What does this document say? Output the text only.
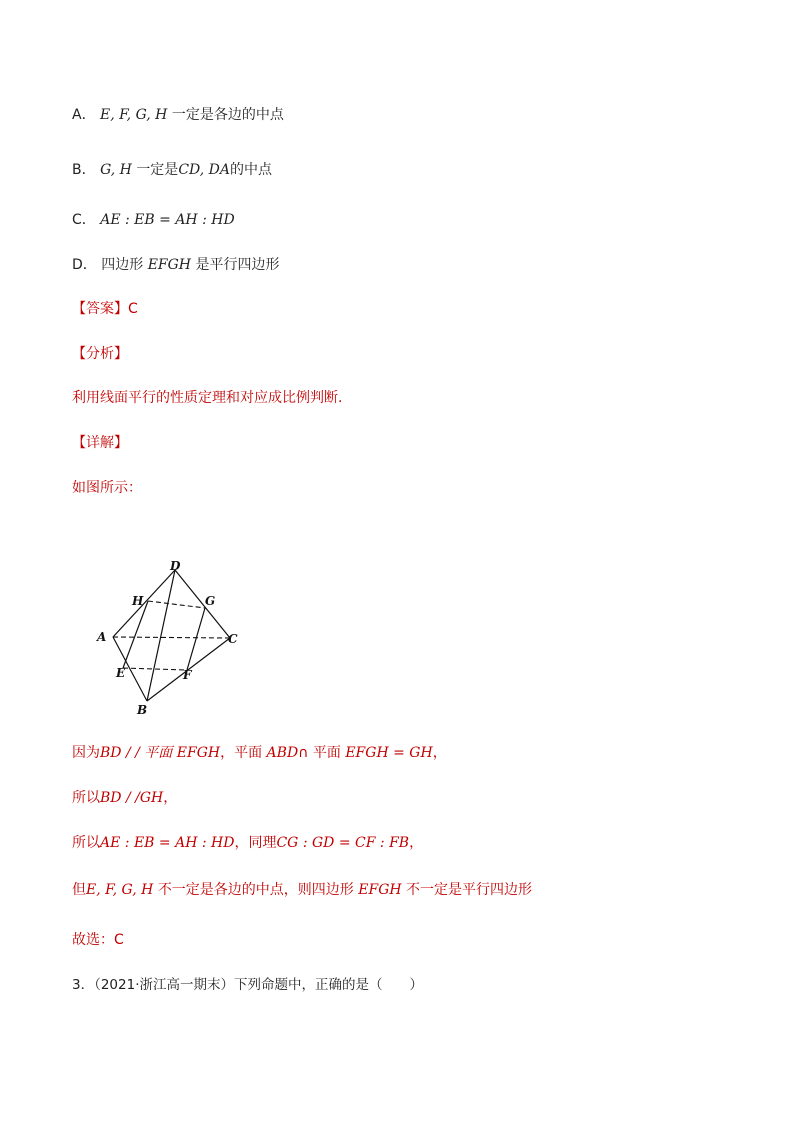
A． E, F, G, H 一定是各边的中点
B． G, H 一定是CD, DA的中点
C． AE : EB = AH : HD
D． 四边形 EFGH 是平行四边形
【答案】C
【分析】
利用线面平行的性质定理和对应成比例判断.
【详解】
如图所示：
D
H	G
A	C
E	F
B
因为BD / / 平面 EFGH，平面 ABD∩ 平面 EFGH = GH，
所以BD / /GH，
所以AE : EB = AH : HD，同理CG : GD = CF : FB，
但E, F, G, H 不一定是各边的中点，则四边形 EFGH 不一定是平行四边形
故选：C
3．（2021·浙江高一期末）下列命题中，正确的是（　　）
